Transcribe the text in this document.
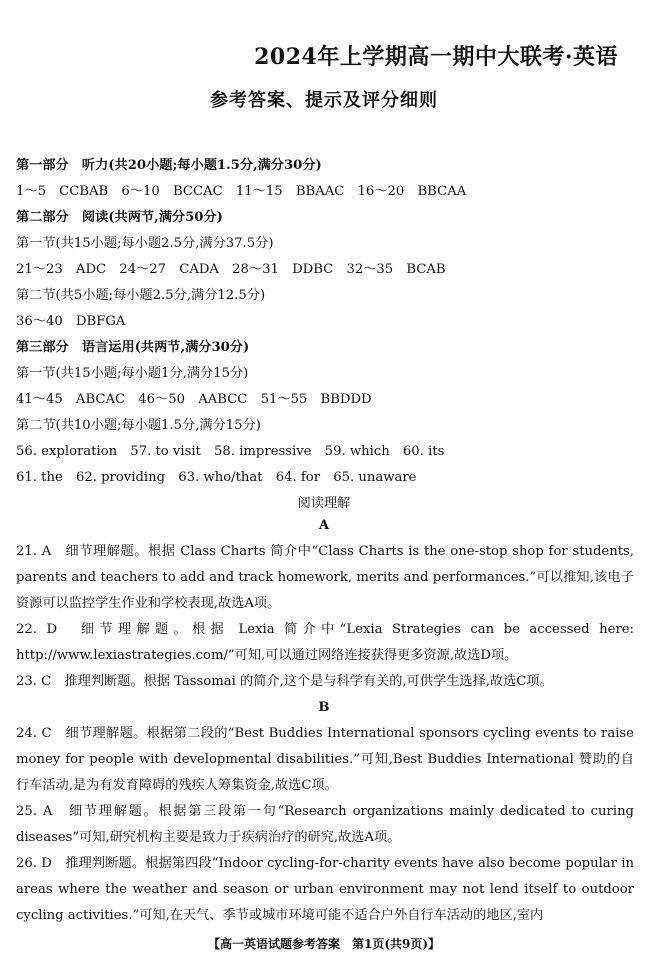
2024年上学期高一期中大联考·英语
参考答案、提示及评分细则
第一部分　听力(共20小题;每小题1.5分,满分30分)
1～5　CCBAB　6～10　BCCAC　11～15　BBAAC　16～20　BBCAA
第二部分　阅读(共两节,满分50分)
第一节(共15小题;每小题2.5分,满分37.5分)
21～23　ADC　24～27　CADA　28～31　DDBC　32～35　BCAB
第二节(共5小题;每小题2.5分,满分12.5分)
36～40　DBFGA
第三部分　语言运用(共两节,满分30分)
第一节(共15小题;每小题1分,满分15分)
41～45　ABCAC　46～50　AABCC　51～55　BBDDD
第二节(共10小题;每小题1.5分,满分15分)
56. exploration　57. to visit　58. impressive　59. which　60. its
61. the　62. providing　63. who/that　64. for　65. unaware
阅读理解
A
21. A　细节理解题。根据 Class Charts 简介中“Class Charts is the one-stop shop for students, parents and teachers to add and track homework, merits and performances.”可以推知,该电子资源可以监控学生作业和学校表现,故选A项。
22. D　细节理解题。根据 Lexia 简介中“Lexia Strategies can be accessed here: http://www.lexiastrategies.com/”可知,可以通过网络连接获得更多资源,故选D项。
23. C　推理判断题。根据 Tassomai 的简介,这个是与科学有关的,可供学生选择,故选C项。
B
24. C　细节理解题。根据第二段的“Best Buddies International sponsors cycling events to raise money for people with developmental disabilities.”可知,Best Buddies International 赞助的自行车活动,是为有发育障碍的残疾人筹集资金,故选C项。
25. A　细节理解题。根据第三段第一句“Research organizations mainly dedicated to curing diseases”可知,研究机构主要是致力于疾病治疗的研究,故选A项。
26. D　推理判断题。根据第四段“Indoor cycling-for-charity events have also become popular in areas where the weather and season or urban environment may not lend itself to outdoor cycling activities.”可知,在天气、季节或城市环境可能不适合户外自行车活动的地区,室内
【高一英语试题参考答案　第1页(共9页)】
